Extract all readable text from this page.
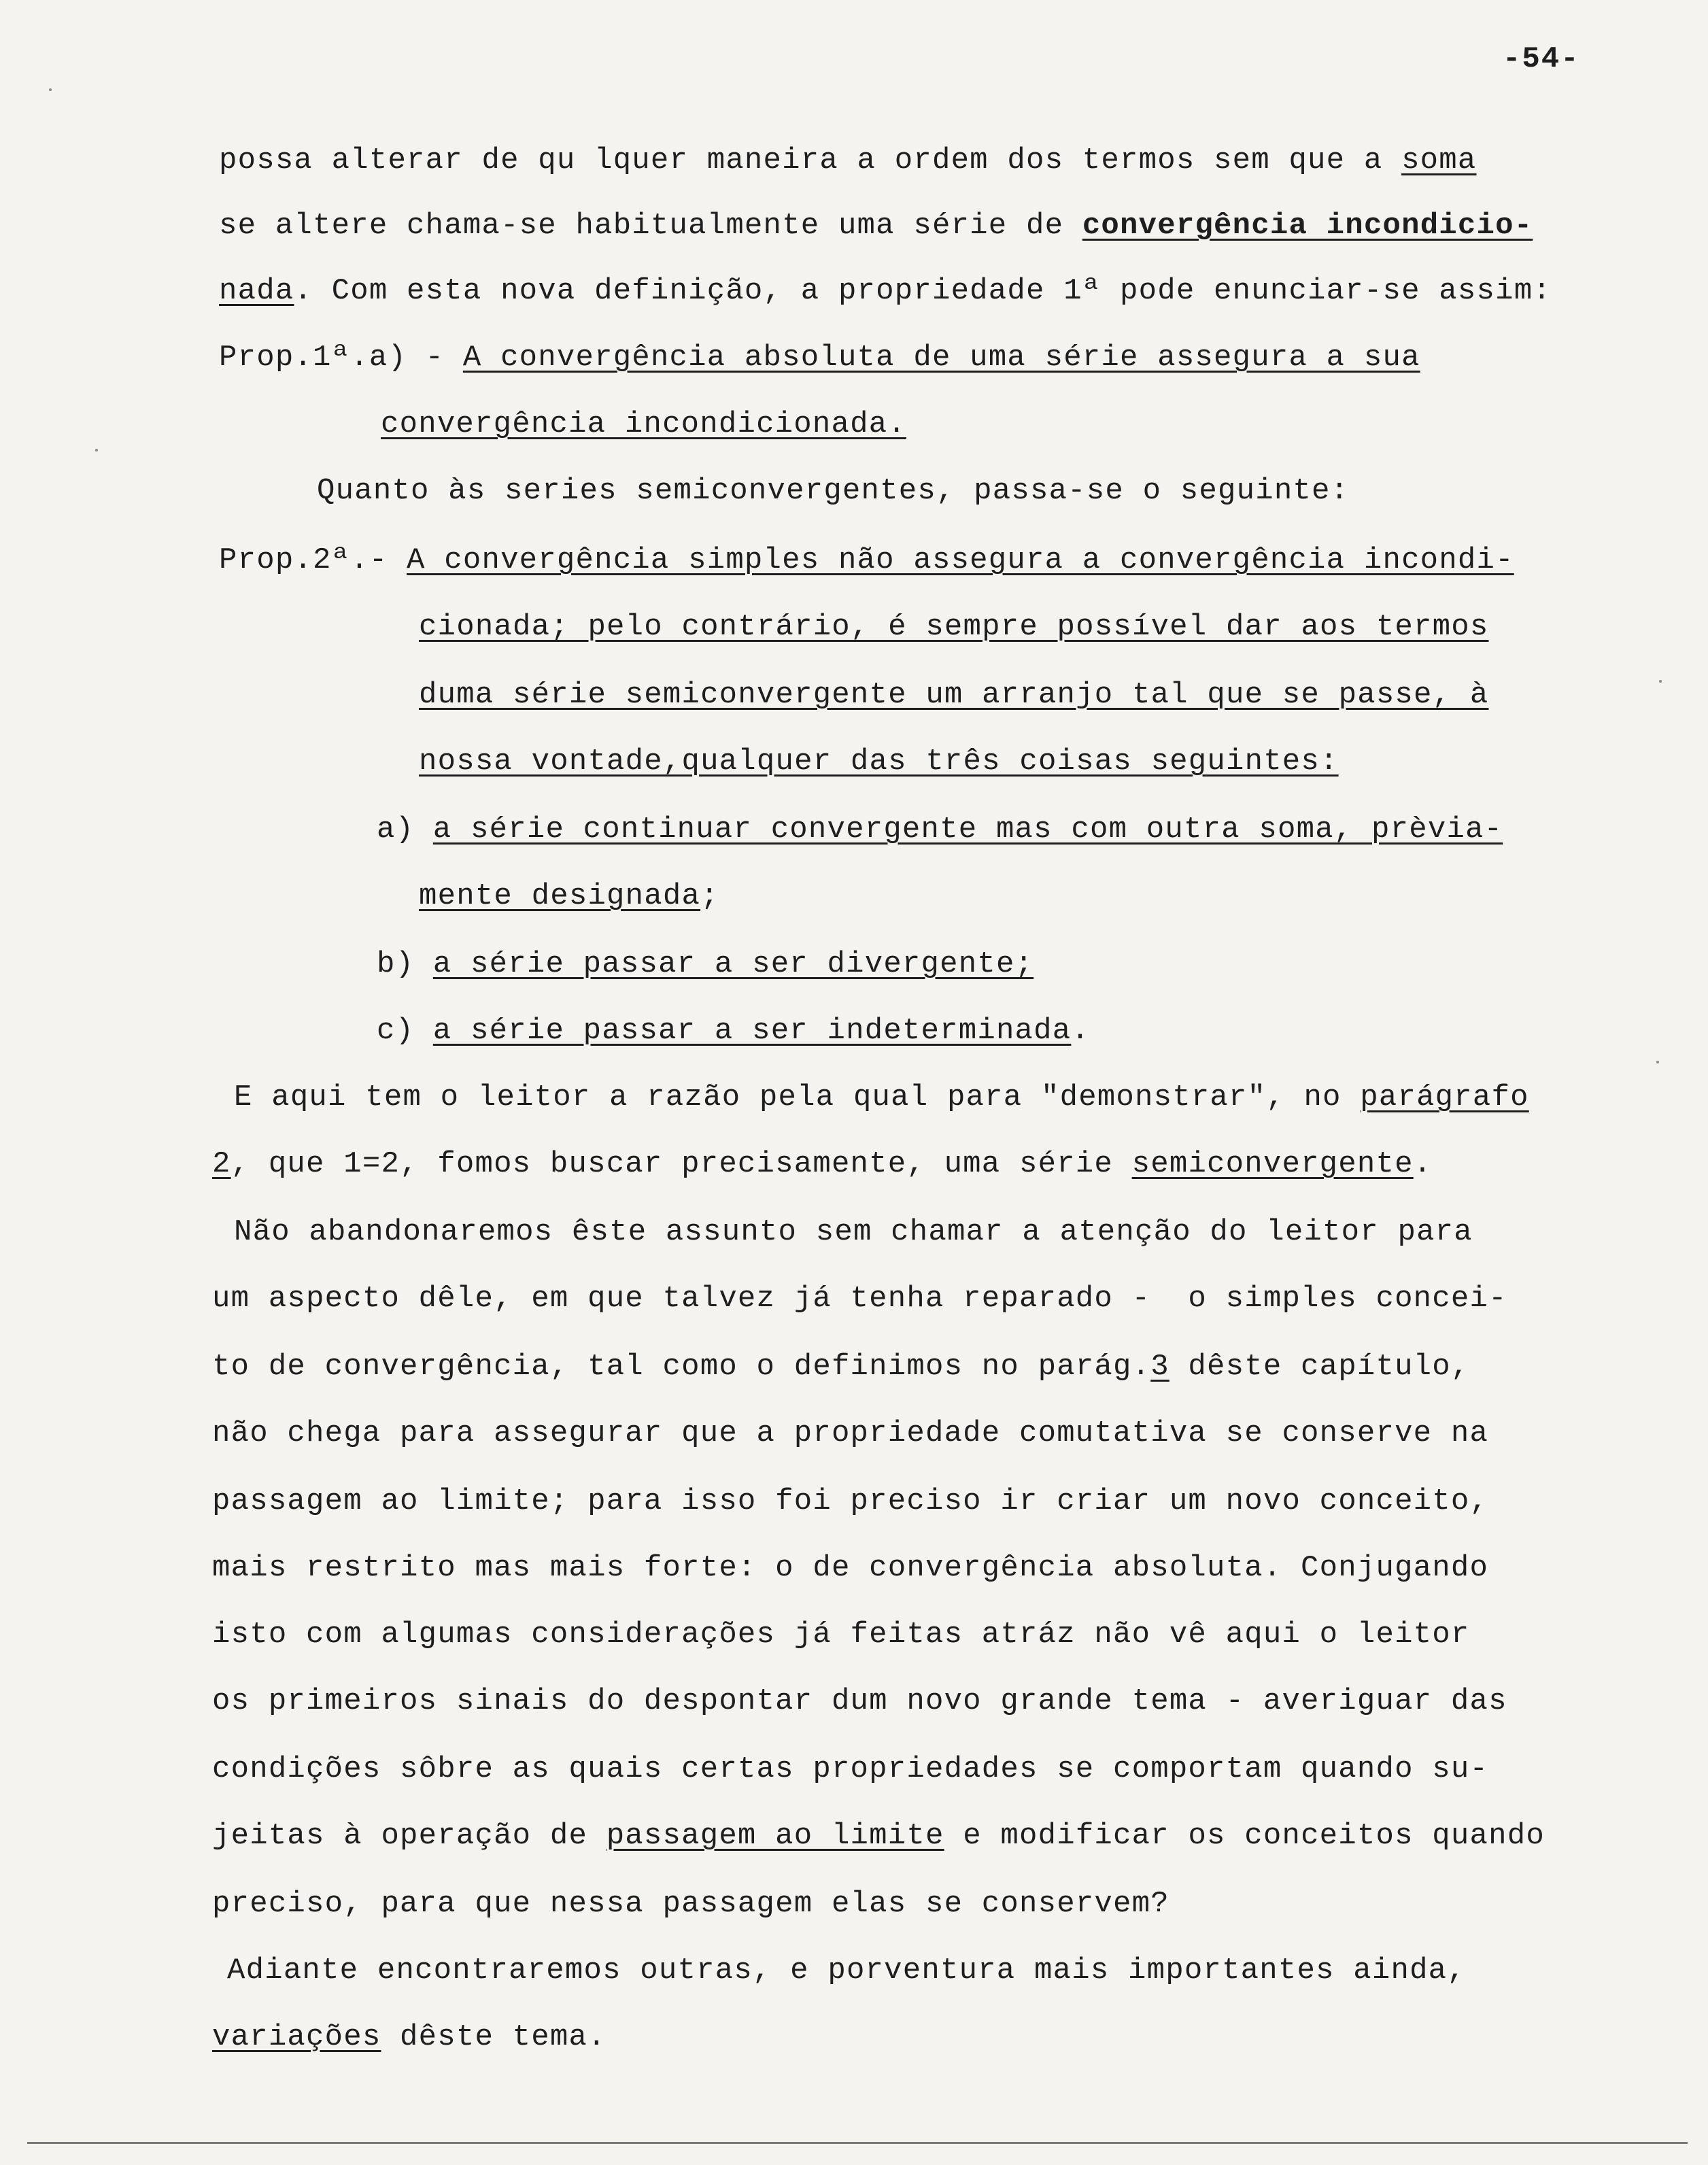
-54-
possa alterar de qu lquer maneira a ordem dos termos sem que a soma
se altere chama-se habitualmente uma série de convergência incondicio-
nada. Com esta nova definição, a propriedade 1ª pode enunciar-se assim:
Prop.1ª.a) - A convergência absoluta de uma série assegura a sua
convergência incondicionada.
Quanto às series semiconvergentes, passa-se o seguinte:
Prop.2ª.- A convergência simples não assegura a convergência incondi-
cionada; pelo contrário, é sempre possível dar aos termos
duma série semiconvergente um arranjo tal que se passe, à
nossa vontade,qualquer das três coisas seguintes:
a) a série continuar convergente mas com outra soma, prèvia-
mente designada;
b) a série passar a ser divergente;
c) a série passar a ser indeterminada.
E aqui tem o leitor a razão pela qual para "demonstrar", no parágrafo
2, que 1=2, fomos buscar precisamente, uma série semiconvergente.
Não abandonaremos êste assunto sem chamar a atenção do leitor para
um aspecto dêle, em que talvez já tenha reparado -  o simples concei-
to de convergência, tal como o definimos no parág.3 dêste capítulo,
não chega para assegurar que a propriedade comutativa se conserve na
passagem ao limite; para isso foi preciso ir criar um novo conceito,
mais restrito mas mais forte: o de convergência absoluta. Conjugando
isto com algumas considerações já feitas atráz não vê aqui o leitor
os primeiros sinais do despontar dum novo grande tema - averiguar das
condições sôbre as quais certas propriedades se comportam quando su-
jeitas à operação de passagem ao limite e modificar os conceitos quando
preciso, para que nessa passagem elas se conservem?
Adiante encontraremos outras, e porventura mais importantes ainda,
variações dêste tema.
